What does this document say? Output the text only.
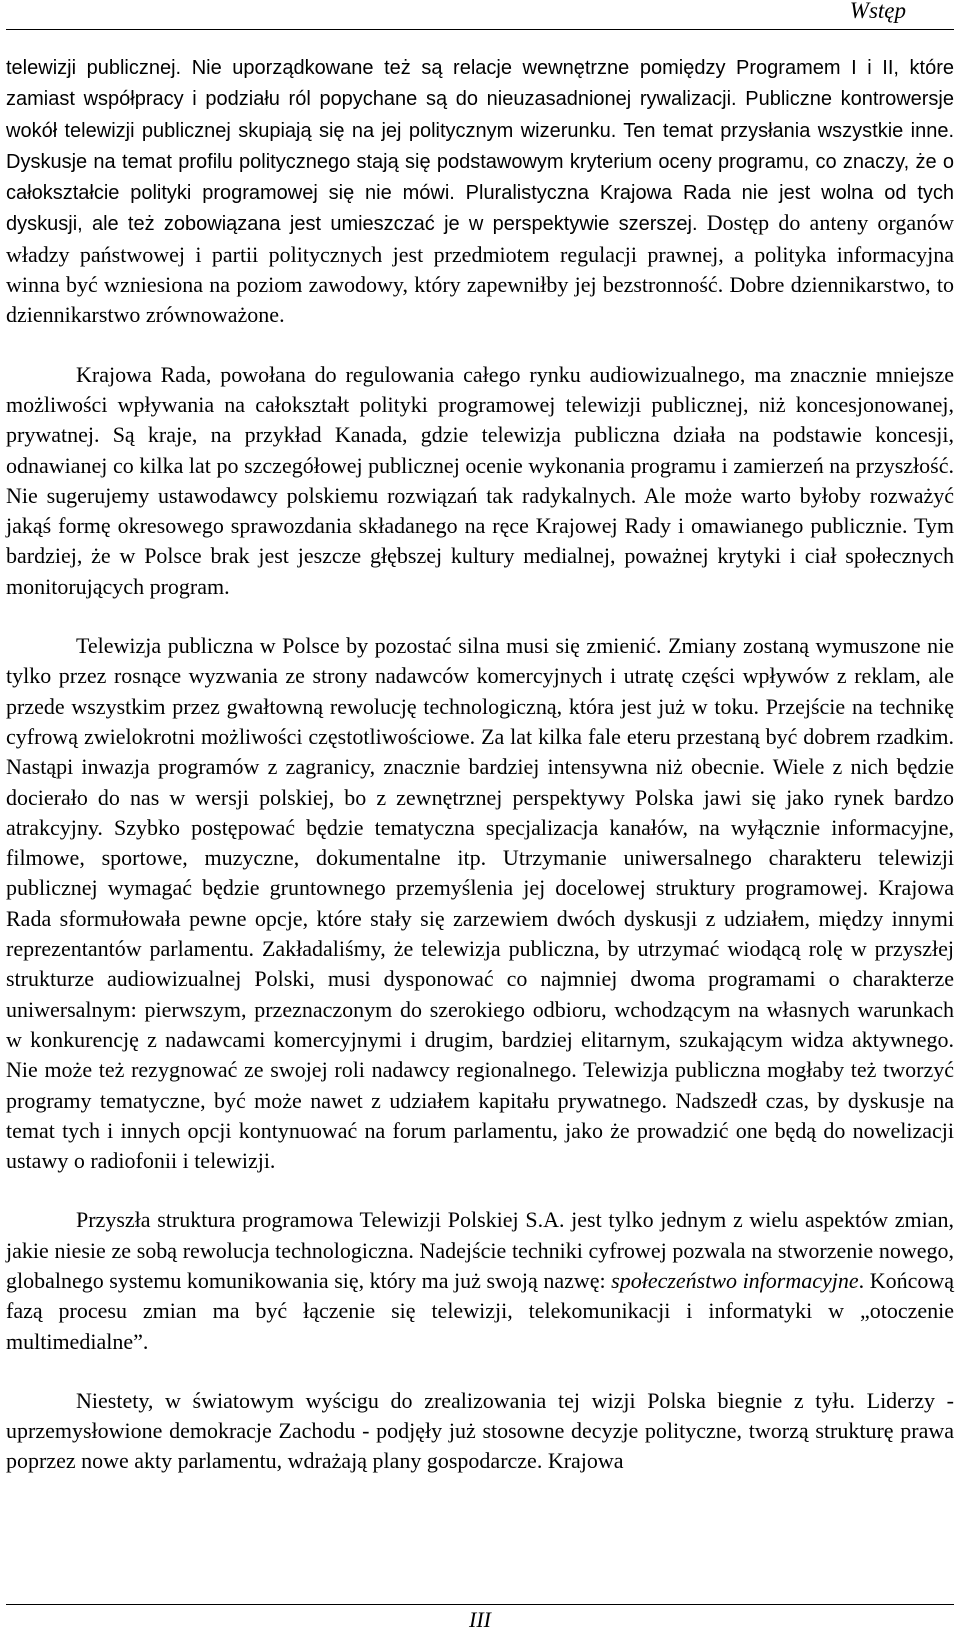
Wstęp

telewizji publicznej. Nie uporządkowane też są relacje wewnętrzne pomiędzy Programem I i II, które zamiast współpracy i podziału ról popychane są do nieuzasadnionej rywalizacji. Publiczne kontrowersje wokół telewizji publicznej skupiają się na jej politycznym wizerunku. Ten temat przysłania wszystkie inne. Dyskusje na temat profilu politycznego stają się podstawowym kryterium oceny programu, co znaczy, że o całokształcie polityki programowej się nie mówi. Pluralistyczna Krajowa Rada nie jest wolna od tych dyskusji, ale też zobowiązana jest umieszczać je w perspektywie szerszej. Dostęp do anteny organów władzy państwowej i partii politycznych jest przedmiotem regulacji prawnej, a polityka informacyjna winna być wzniesiona na poziom zawodowy, który zapewniłby jej bezstronność. Dobre dziennikarstwo, to dziennikarstwo zrównoważone.

Krajowa Rada, powołana do regulowania całego rynku audiowizualnego, ma znacznie mniejsze możliwości wpływania na całokształt polityki programowej telewizji publicznej, niż koncesjonowanej, prywatnej. Są kraje, na przykład Kanada, gdzie telewizja publiczna działa na podstawie koncesji, odnawianej co kilka lat po szczegółowej publicznej ocenie wykonania programu i zamierzeń na przyszłość. Nie sugerujemy ustawodawcy polskiemu rozwiązań tak radykalnych. Ale może warto byłoby rozważyć jakąś formę okresowego sprawozdania składanego na ręce Krajowej Rady i omawianego publicznie. Tym bardziej, że w Polsce brak jest jeszcze głębszej kultury medialnej, poważnej krytyki i ciał społecznych monitorujących program.

Telewizja publiczna w Polsce by pozostać silna musi się zmienić. Zmiany zostaną wymuszone nie tylko przez rosnące wyzwania ze strony nadawców komercyjnych i utratę części wpływów z reklam, ale przede wszystkim przez gwałtowną rewolucję technologiczną, która jest już w toku. Przejście na technikę cyfrową zwielokrotni możliwości częstotliwościowe. Za lat kilka fale eteru przestaną być dobrem rzadkim. Nastąpi inwazja programów z zagranicy, znacznie bardziej intensywna niż obecnie. Wiele z nich będzie docierało do nas w wersji polskiej, bo z zewnętrznej perspektywy Polska jawi się jako rynek bardzo atrakcyjny. Szybko postępować będzie tematyczna specjalizacja kanałów, na wyłącznie informacyjne, filmowe, sportowe, muzyczne, dokumentalne itp. Utrzymanie uniwersalnego charakteru telewizji publicznej wymagać będzie gruntownego przemyślenia jej docelowej struktury programowej. Krajowa Rada sformułowała pewne opcje, które stały się zarzewiem dwóch dyskusji z udziałem, między innymi reprezentantów parlamentu. Zakładaliśmy, że telewizja publiczna, by utrzymać wiodącą rolę w przyszłej strukturze audiowizualnej Polski, musi dysponować co najmniej dwoma programami o charakterze uniwersalnym: pierwszym, przeznaczonym do szerokiego odbioru, wchodzącym na własnych warunkach w konkurencję z nadawcami komercyjnymi i drugim, bardziej elitarnym, szukającym widza aktywnego. Nie może też rezygnować ze swojej roli nadawcy regionalnego. Telewizja publiczna mogłaby też tworzyć programy tematyczne, być może nawet z udziałem kapitału prywatnego. Nadszedł czas, by dyskusje na temat tych i innych opcji kontynuować na forum parlamentu, jako że prowadzić one będą do nowelizacji ustawy o radiofonii i telewizji.

Przyszła struktura programowa Telewizji Polskiej S.A. jest tylko jednym z wielu aspektów zmian, jakie niesie ze sobą rewolucja technologiczna. Nadejście techniki cyfrowej pozwala na stworzenie nowego, globalnego systemu komunikowania się, który ma już swoją nazwę: społeczeństwo informacyjne. Końcową fazą procesu zmian ma być łączenie się telewizji, telekomunikacji i informatyki w „otoczenie multimedialne”.

Niestety, w światowym wyścigu do zrealizowania tej wizji Polska biegnie z tyłu. Liderzy - uprzemysłowione demokracje Zachodu - podjęły już stosowne decyzje polityczne, tworzą strukturę prawa poprzez nowe akty parlamentu, wdrażają plany gospodarcze. Krajowa

III
